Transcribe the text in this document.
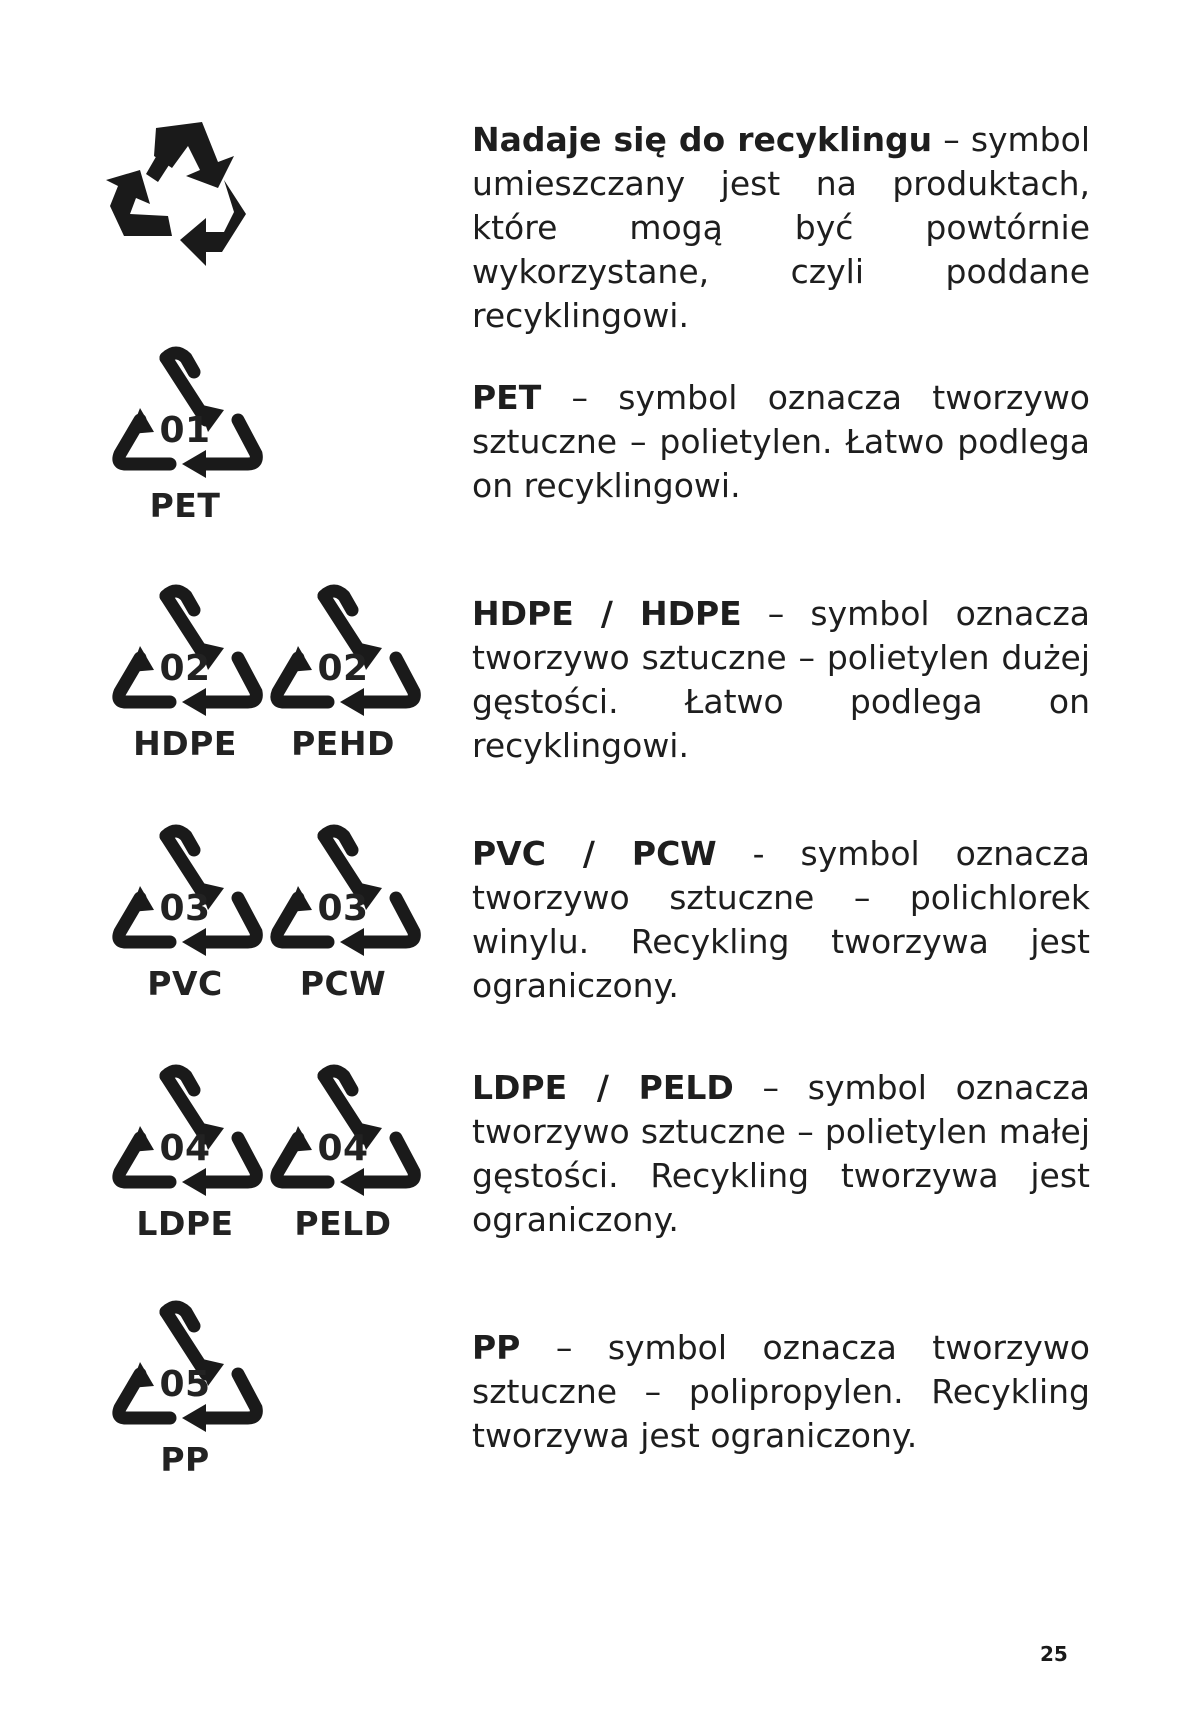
Nadaje się do recyklingu – symbol umieszczany jest na produktach, które mogą być powtórnie wykorzystane, czyli poddane recyklingowi.

01
PET

PET – symbol oznacza tworzywo sztuczne – polietylen. Łatwo podlega on recyklingowi.

02
HDPE
02
PEHD

HDPE / HDPE – symbol oznacza tworzywo sztuczne – polietylen dużej gęstości. Łatwo podlega on recyklingowi.

03
PVC
03
PCW

PVC / PCW - symbol oznacza tworzywo sztuczne – polichlorek winylu. Recykling tworzywa jest ograniczony.

04
LDPE
04
PELD

LDPE / PELD – symbol oznacza tworzywo sztuczne – polietylen małej gęstości. Recykling tworzywa jest ograniczony.

05
PP

PP – symbol oznacza tworzywo sztuczne – polipropylen. Recykling tworzywa jest ograniczony.

25
